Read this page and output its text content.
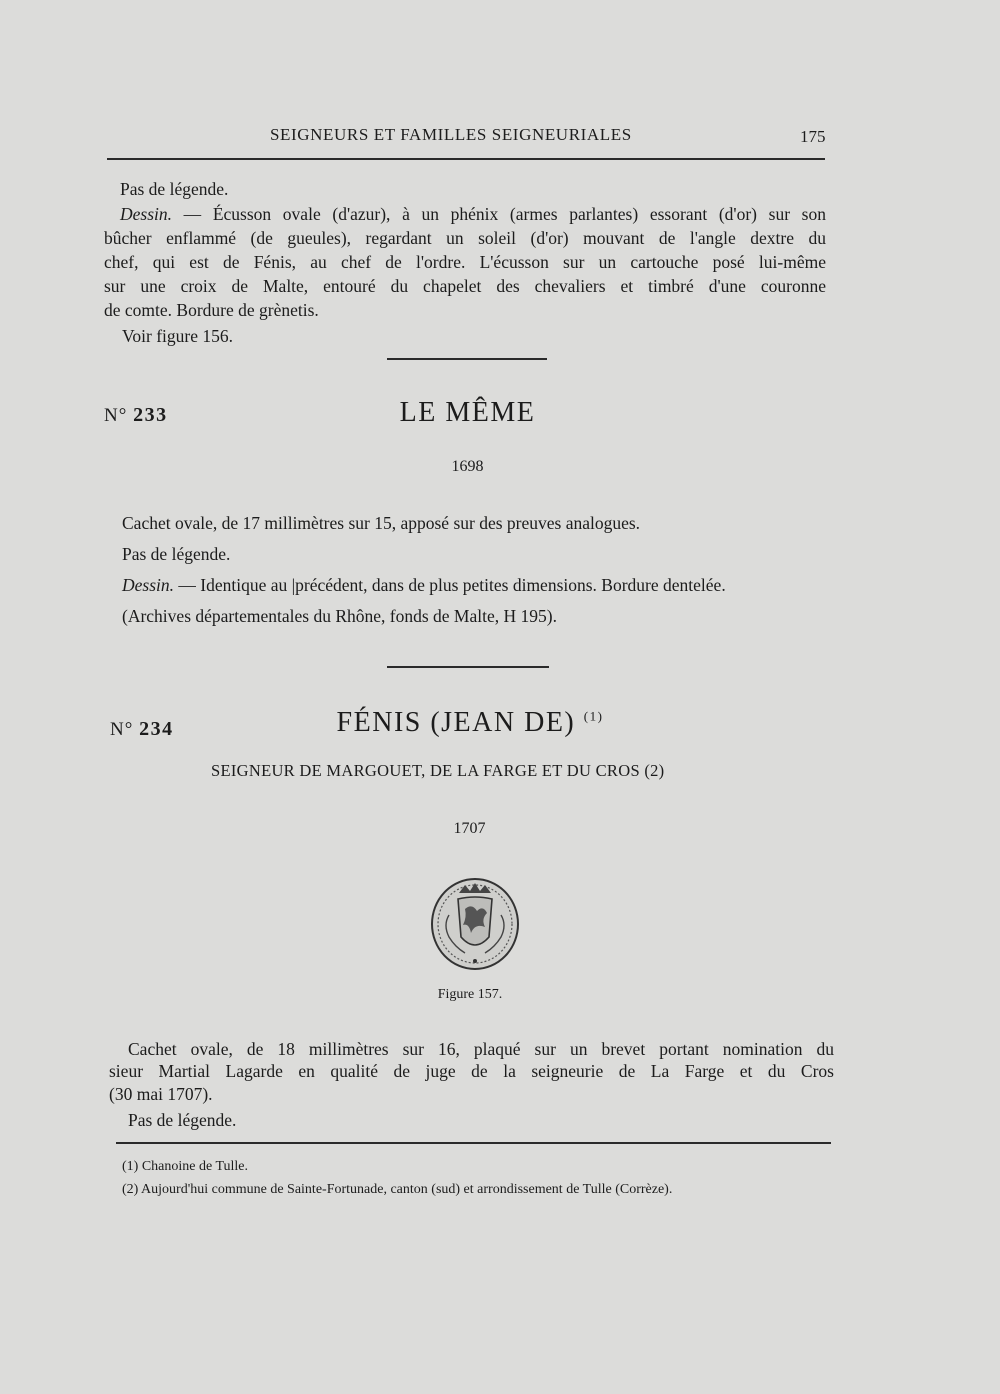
SEIGNEURS ET FAMILLES SEIGNEURIALES	175

Pas de légende.

Dessin. — Écusson ovale (d'azur), à un phénix (armes parlantes) essorant (d'or) sur son

bûcher enflammé (de gueules), regardant un soleil (d'or) mouvant de l'angle dextre du

chef, qui est de Fénis, au chef de l'ordre. L'écusson sur un cartouche posé lui-même

sur une croix de Malte, entouré du chapelet des chevaliers et timbré d'une couronne

de comte. Bordure de grènetis.

Voir figure 156.

N° 233	LE MÊME
1698

Cachet ovale, de 17 millimètres sur 15, apposé sur des preuves analogues.

Pas de légende.

Dessin. — Identique au |précédent, dans de plus petites dimensions. Bordure dentelée.

(Archives départementales du Rhône, fonds de Malte, H 195).

N° 234	FÉNIS (JEAN DE) $^{(1)}$
SEIGNEUR DE MARGOUET, DE LA FARGE ET DU CROS (2)
1707
Figure 157.

Cachet ovale, de 18 millimètres sur 16, plaqué sur un brevet portant nomination du

sieur Martial Lagarde en qualité de juge de la seigneurie de La Farge et du Cros

(30 mai 1707).

Pas de légende.

(1) Chanoine de Tulle.
(2) Aujourd'hui commune de Sainte-Fortunade, canton (sud) et arrondissement de Tulle (Corrèze).
